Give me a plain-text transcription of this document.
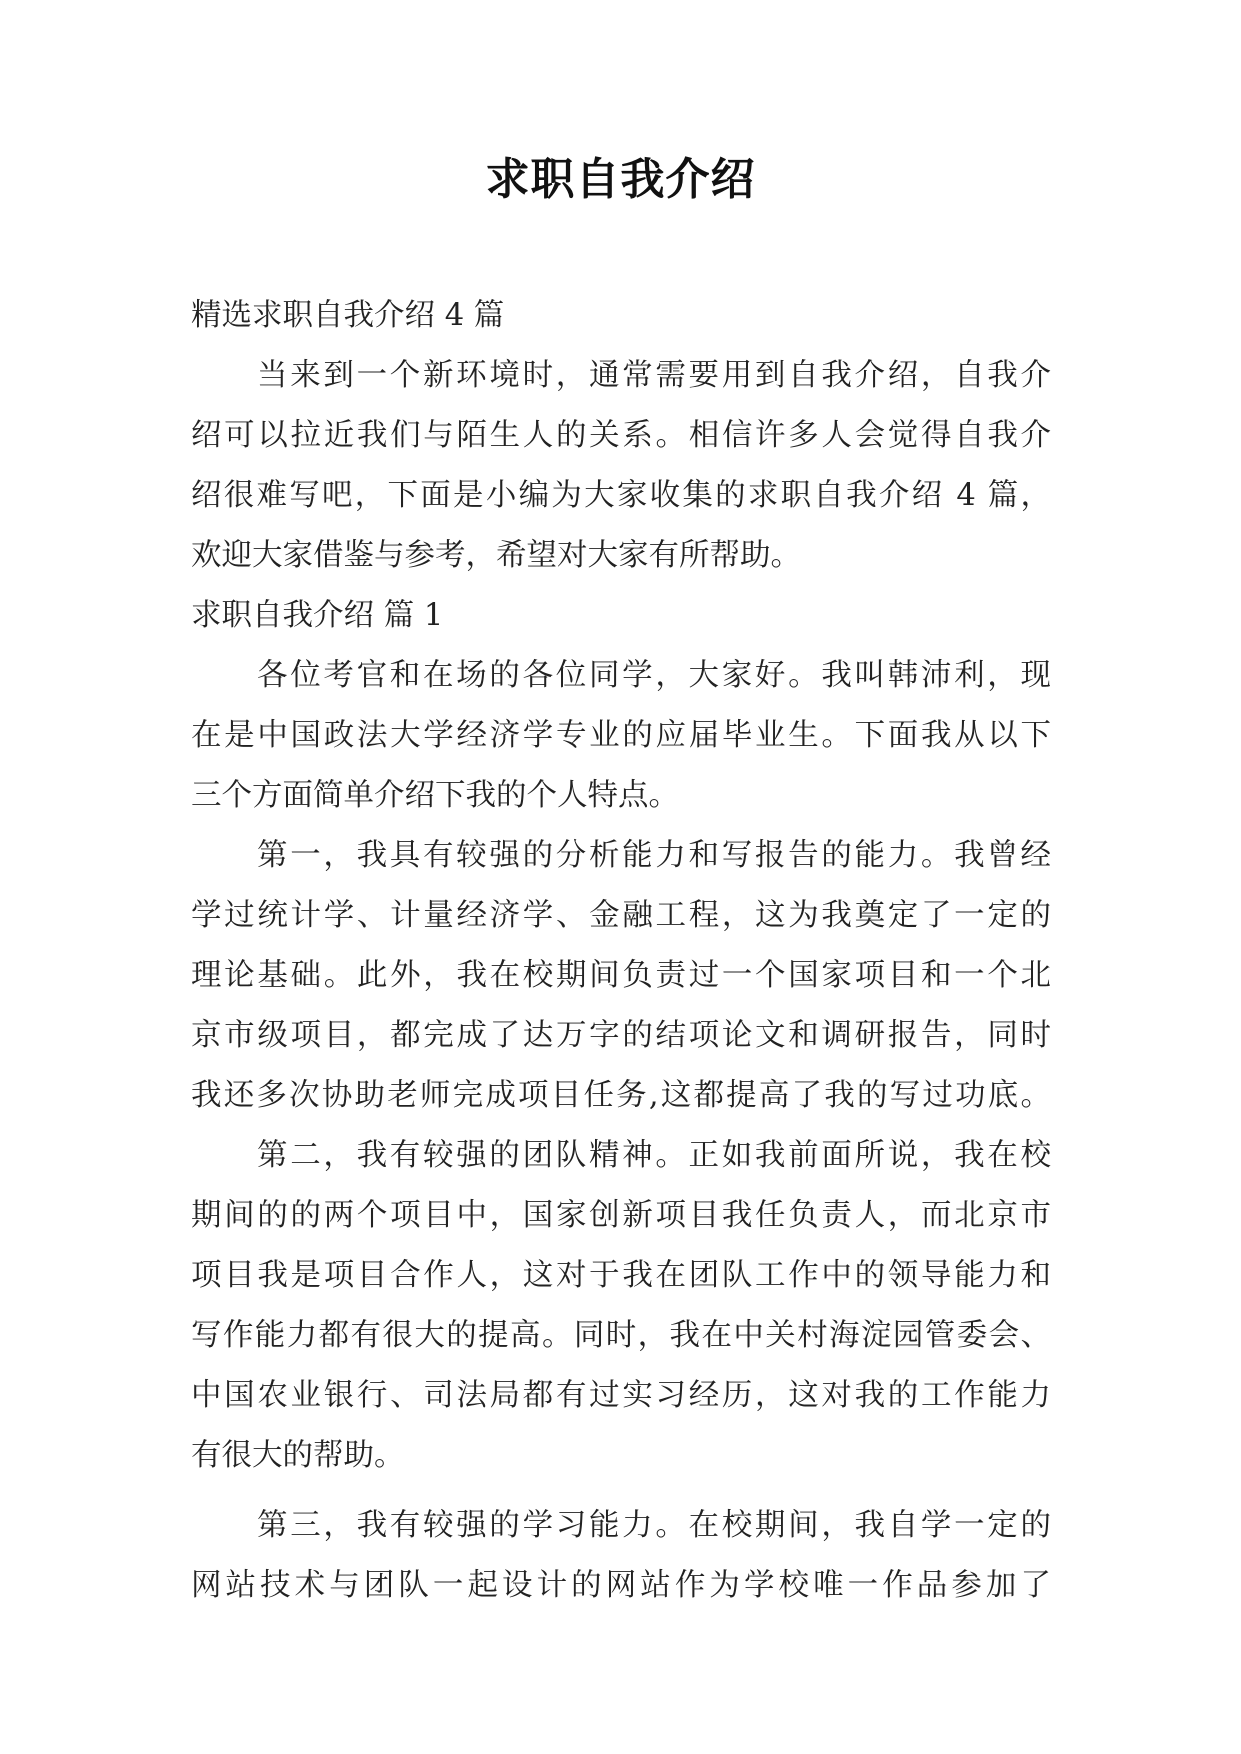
求职自我介绍
精选求职自我介绍 4 篇
当来到一个新环境时，通常需要用到自我介绍，自我介
绍可以拉近我们与陌生人的关系。相信许多人会觉得自我介
绍很难写吧，下面是小编为大家收集的求职自我介绍 4 篇，
欢迎大家借鉴与参考，希望对大家有所帮助。
求职自我介绍 篇 1
各位考官和在场的各位同学，大家好。我叫韩沛利，现
在是中国政法大学经济学专业的应届毕业生。下面我从以下
三个方面简单介绍下我的个人特点。
第一，我具有较强的分析能力和写报告的能力。我曾经
学过统计学、计量经济学、金融工程，这为我奠定了一定的
理论基础。此外，我在校期间负责过一个国家项目和一个北
京市级项目，都完成了达万字的结项论文和调研报告，同时
我还多次协助老师完成项目任务,这都提高了我的写过功底。
第二，我有较强的团队精神。正如我前面所说，我在校
期间的的两个项目中，国家创新项目我任负责人，而北京市
项目我是项目合作人，这对于我在团队工作中的领导能力和
写作能力都有很大的提高。同时，我在中关村海淀园管委会、
中国农业银行、司法局都有过实习经历，这对我的工作能力
有很大的帮助。
第三，我有较强的学习能力。在校期间，我自学一定的
网站技术与团队一起设计的网站作为学校唯一作品参加了
